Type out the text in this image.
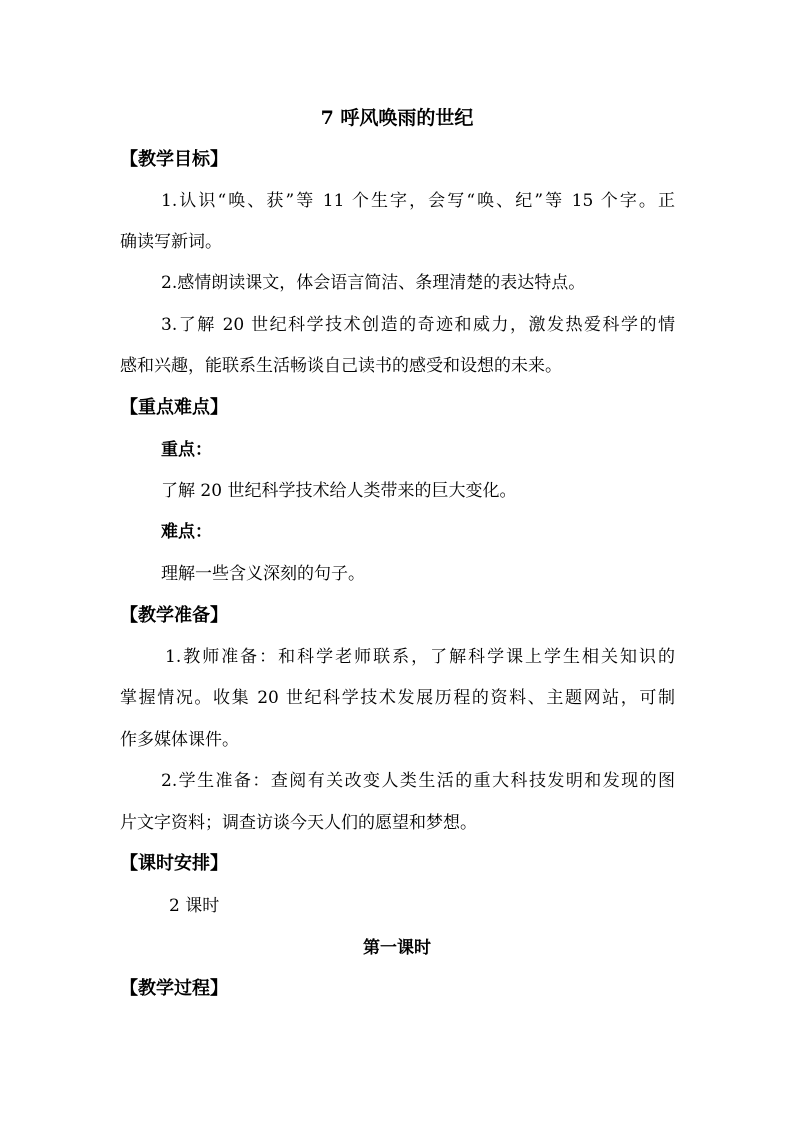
7 呼风唤雨的世纪
【教学目标】
1.认识“唤、获”等 11 个生字，会写“唤、纪”等 15 个字。正
确读写新词。
2.感情朗读课文，体会语言简洁、条理清楚的表达特点。
3.了解 20 世纪科学技术创造的奇迹和威力，激发热爱科学的情
感和兴趣，能联系生活畅谈自己读书的感受和设想的未来。
【重点难点】
重点：
了解 20 世纪科学技术给人类带来的巨大变化。
难点：
理解一些含义深刻的句子。
【教学准备】
1.教师准备：和科学老师联系，了解科学课上学生相关知识的
掌握情况。收集 20 世纪科学技术发展历程的资料、主题网站，可制
作多媒体课件。
2.学生准备：查阅有关改变人类生活的重大科技发明和发现的图
片文字资料；调查访谈今天人们的愿望和梦想。
【课时安排】
2 课时
第一课时
【教学过程】
